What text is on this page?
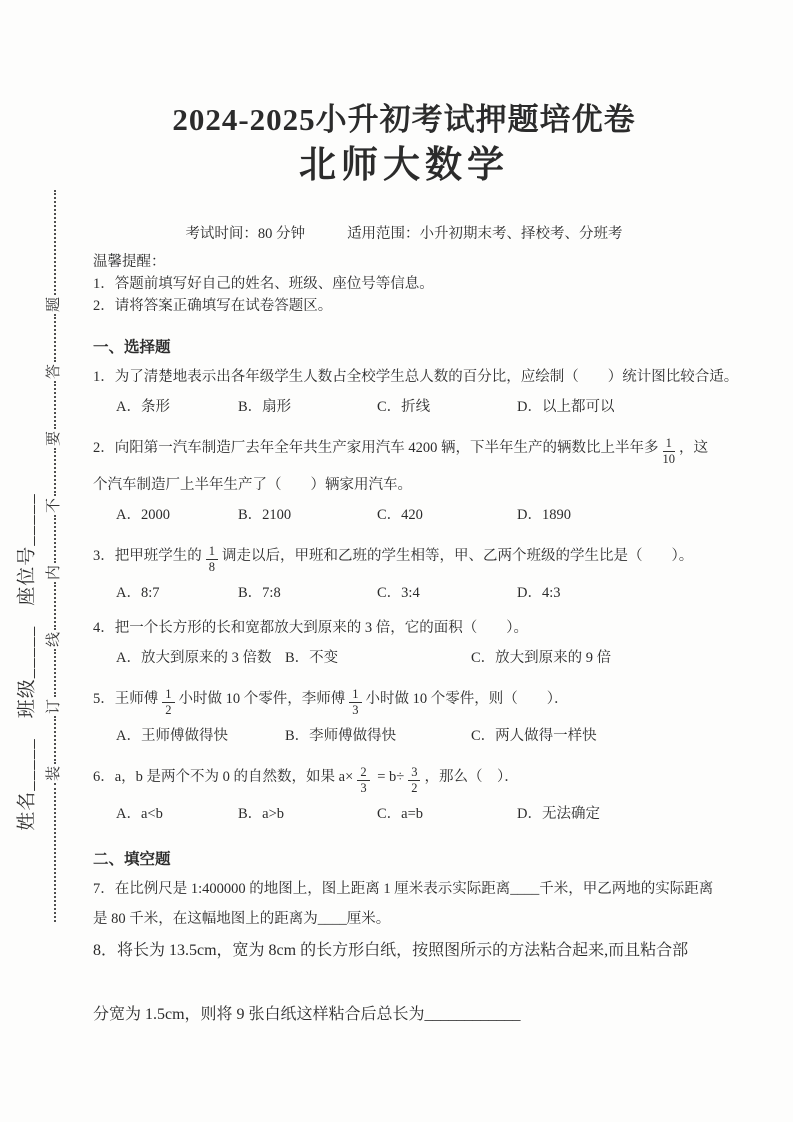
姓名_____　班级_____　座位号_____
题
答
要
不
内
线
订
装
2024-2025小升初考试押题培优卷
北师大数学
考试时间：80 分钟	适用范围：小升初期末考、择校考、分班考
温馨提醒：
1．答题前填写好自己的姓名、班级、座位号等信息。
2．请将答案正确填写在试卷答题区。
一、选择题
1．为了清楚地表示出各年级学生人数占全校学生总人数的百分比，应绘制（　　）统计图比较合适。
A．条形	B．扇形	C．折线	D．以上都可以
2．向阳第一汽车制造厂去年全年共生产家用汽车 4200 辆，下半年生产的辆数比上半年多 $\frac{1}{10}$ ，这
个汽车制造厂上半年生产了（　　）辆家用汽车。
A．2000	B．2100	C．420	D．1890
3．把甲班学生的 $\frac{1}{8}$ 调走以后，甲班和乙班的学生相等，甲、乙两个班级的学生比是（　　）。
A．8:7	B．7:8	C．3:4	D．4:3
4．把一个长方形的长和宽都放大到原来的 3 倍，它的面积（　　）。
A．放大到原来的 3 倍数 B．不变	C．放大到原来的 9 倍
5．王师傅 $\frac{1}{2}$ 小时做 10 个零件，李师傅 $\frac{1}{3}$ 小时做 10 个零件，则（　　）．
A．王师傅做得快	B．李师傅做得快	C．两人做得一样快
6．a，b 是两个不为 0 的自然数，如果 $a\times \frac{2}{3} = b\div \frac{3}{2}$ ，那么（　）．
A．a<b	B．a>b	C．a=b	D．无法确定
二、填空题
7．在比例尺是 1:400000 的地图上，图上距离 1 厘米表示实际距离____千米，甲乙两地的实际距离
是 80 千米，在这幅地图上的距离为____厘米。
8．将长为 13.5cm，宽为 8cm 的长方形白纸，按照图所示的方法粘合起来,而且粘合部
分宽为 1.5cm，则将 9 张白纸这样粘合后总长为____________
